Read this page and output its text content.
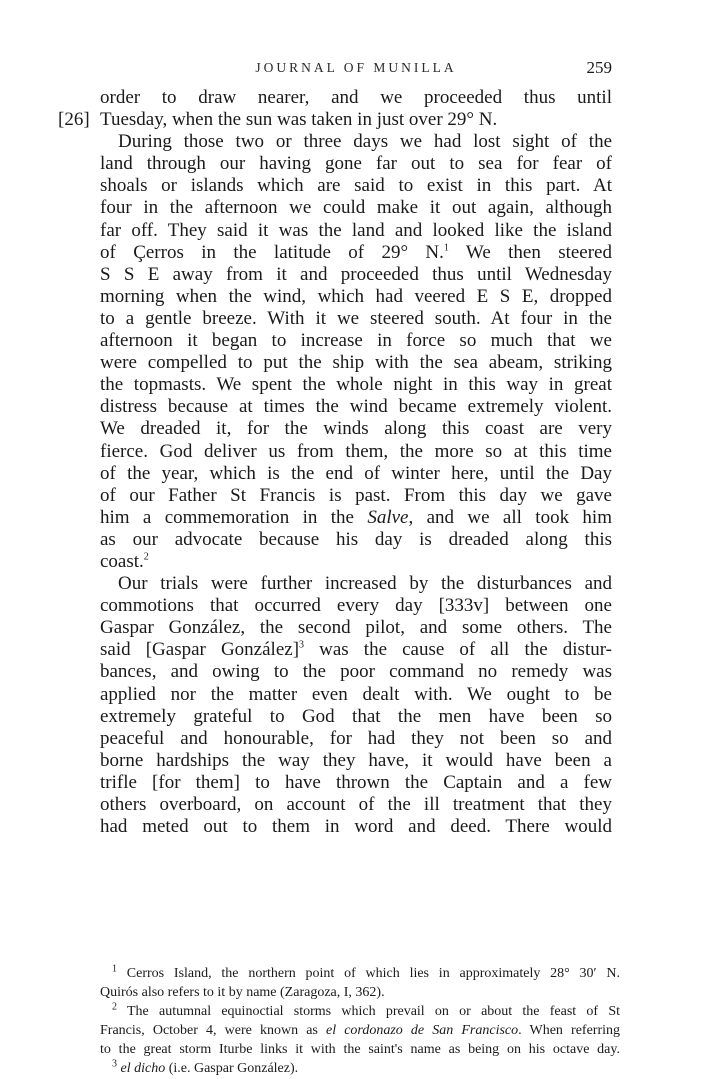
JOURNAL OF MUNILLA	259
[26]
order to draw nearer, and we proceeded thus until
Tuesday, when the sun was taken in just over 29° N.
During those two or three days we had lost sight of the
land through our having gone far out to sea for fear of
shoals or islands which are said to exist in this part. At
four in the afternoon we could make it out again, although
far off. They said it was the land and looked like the island
of Çerros in the latitude of 29° N.$^1$ We then steered
S S E away from it and proceeded thus until Wednesday
morning when the wind, which had veered E S E, dropped
to a gentle breeze. With it we steered south. At four in the
afternoon it began to increase in force so much that we
were compelled to put the ship with the sea abeam, striking
the topmasts. We spent the whole night in this way in great
distress because at times the wind became extremely violent.
We dreaded it, for the winds along this coast are very
fierce. God deliver us from them, the more so at this time
of the year, which is the end of winter here, until the Day
of our Father St Francis is past. From this day we gave
him a commemoration in the Salve, and we all took him
as our advocate because his day is dreaded along this
coast.$^2$
Our trials were further increased by the disturbances and
commotions that occurred every day [333v] between one
Gaspar González, the second pilot, and some others. The
said [Gaspar González]$^3$ was the cause of all the distur-
bances, and owing to the poor command no remedy was
applied nor the matter even dealt with. We ought to be
extremely grateful to God that the men have been so
peaceful and honourable, for had they not been so and
borne hardships the way they have, it would have been a
trifle [for them] to have thrown the Captain and a few
others overboard, on account of the ill treatment that they
had meted out to them in word and deed. There would
$^1$ Cerros Island, the northern point of which lies in approximately 28° 30′ N.
Quirós also refers to it by name (Zaragoza, I, 362).
$^2$ The autumnal equinoctial storms which prevail on or about the feast of St
Francis, October 4, were known as el cordonazo de San Francisco. When referring
to the great storm Iturbe links it with the saint's name as being on his octave day.
$^3$ el dicho (i.e. Gaspar González).
